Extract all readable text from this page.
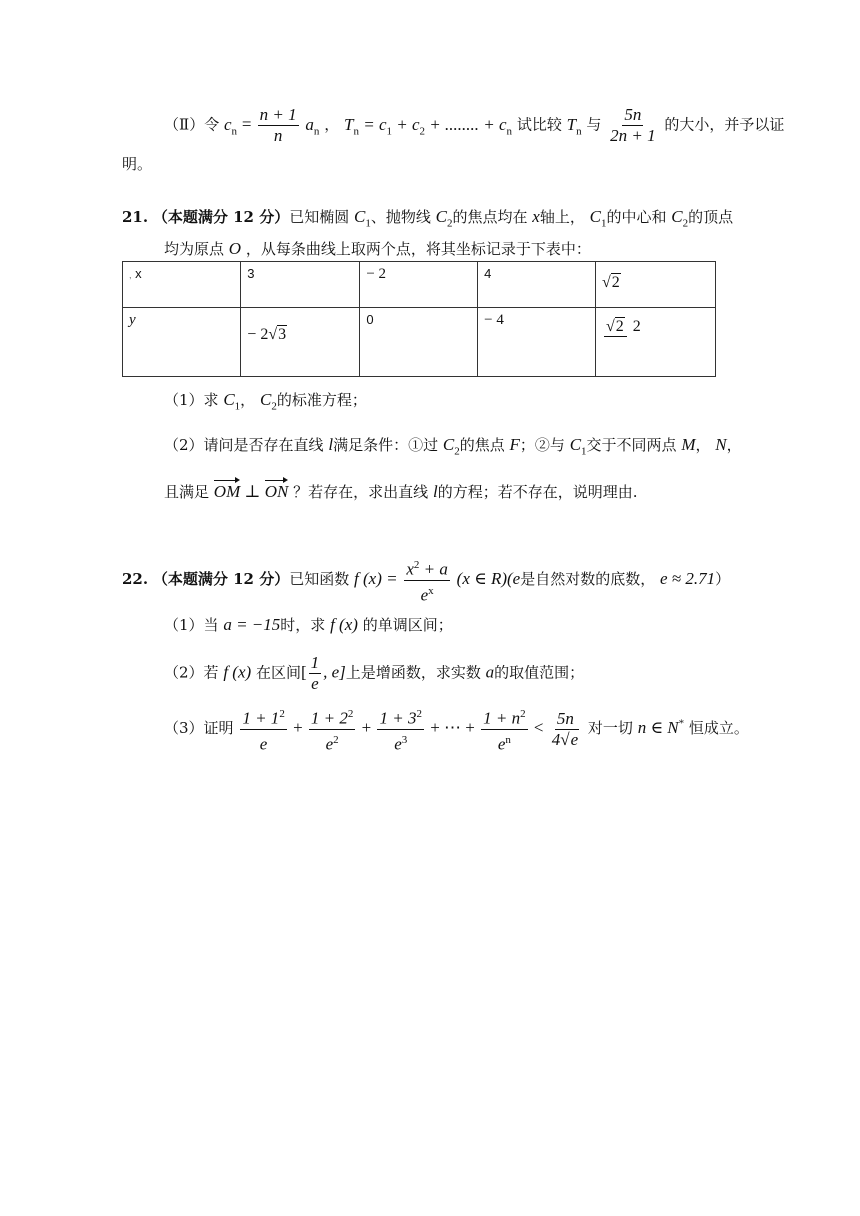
（Ⅱ）令 $c_n = \frac{n + 1}{n} a_n$ ， $T_n = c_1 + c_2$ + ........ + $c_n$ 试比较 $T_n$ 与 $\frac{5n}{2n + 1}$ 的大小，并予以证
明。
21. （本题满分 12 分）已知椭圆 $C_1$、抛物线 $C_2$的焦点均在 x轴上， $C_1$的中心和 $C_2$的顶点
均为原点 O ，从每条曲线上取两个点，将其坐标记录于下表中：
, x	3	− 2	4	√2
y	− 2√3	0	− 4	√2 2
（1）求 $C_1$， $C_2$的标准方程；
（2）请问是否存在直线 l满足条件：①过 $C_2$的焦点 F；②与 $C_1$交于不同两点 M， N，
且满足 OM ⊥ ON ？若存在，求出直线 l的方程；若不存在，说明理由.
22. （本题满分 12 分）已知函数 f $(x) = \frac{x^2 + a}{e^x} (x$ ∈ R)(e是自然对数的底数， e ≈ 2.71）
（1）当 a = −15时，求 f (x) 的单调区间；
（2）若 f (x) 在区间[ $\frac{1}{e}$ , e]上是增函数，求实数 a的取值范围；
（3）证明 $\frac{1 + 1^2}{e} + \frac{1 + 2^2}{e^2} + \frac{1 + 3^2}{e^3}$ + ⋯ + $\frac{1 + n^2}{e^n} < \frac{5n}{4√e}$ 对一切 n ∈ N* 恒成立。
